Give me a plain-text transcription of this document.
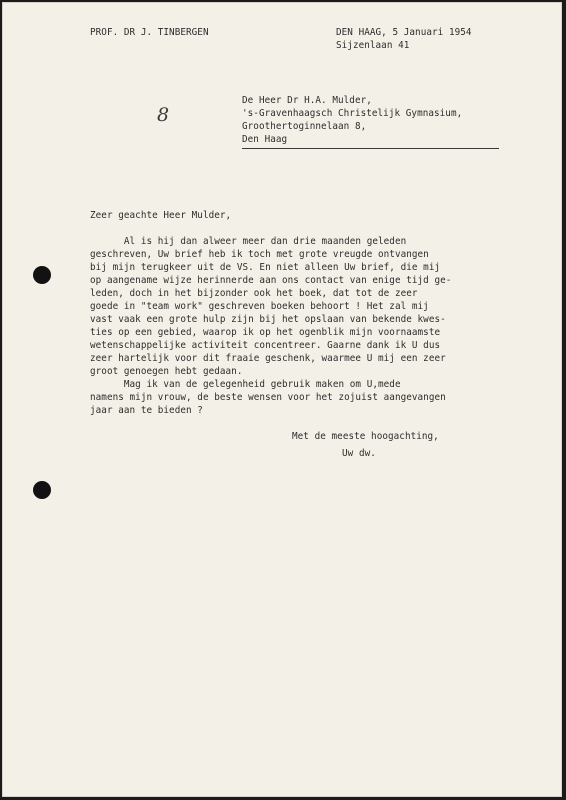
PROF. DR J. TINBERGEN	DEN HAAG, 5 Januari 1954
Sijzenlaan 41
8
De Heer Dr H.A. Mulder,
's-Gravenhaagsch Christelijk Gymnasium,
Groothertoginnelaan 8,
Den Haag
Zeer geachte Heer Mulder,
Al is hij dan alweer meer dan drie maanden geleden
geschreven, Uw brief heb ik toch met grote vreugde ontvangen
bij mijn terugkeer uit de VS. En niet alleen Uw brief, die mij
op aangename wijze herinnerde aan ons contact van enige tijd ge-
leden, doch in het bijzonder ook het boek, dat tot de zeer
goede in "team work" geschreven boeken behoort ! Het zal mij
vast vaak een grote hulp zijn bij het opslaan van bekende kwes-
ties op een gebied, waarop ik op het ogenblik mijn voornaamste
wetenschappelijke activiteit concentreer. Gaarne dank ik U dus
zeer hartelijk voor dit fraaie geschenk, waarmee U mij een zeer
groot genoegen hebt gedaan.
Mag ik van de gelegenheid gebruik maken om U,mede
namens mijn vrouw, de beste wensen voor het zojuist aangevangen
jaar aan te bieden ?
Met de meeste hoogachting,
Uw dw.
